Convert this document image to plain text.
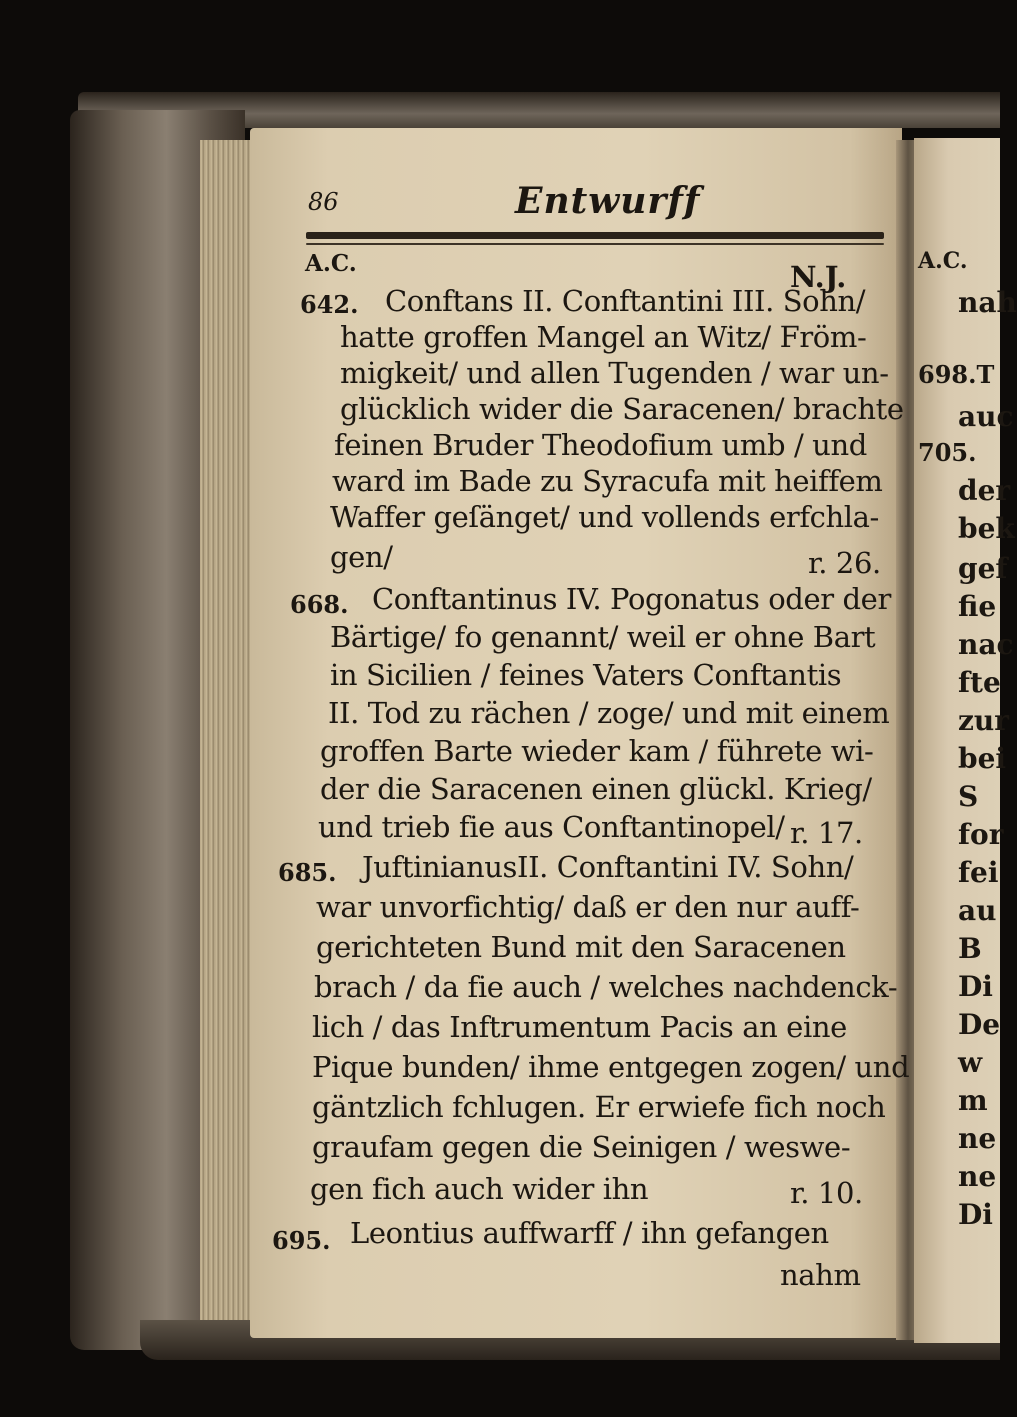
86	Entwurff
A.C.	N.J.
642. Conftans II. Conftantini III. Sohn/
hatte groffen Mangel an Witz/ Fröm-
migkeit/ und allen Tugenden / war un-
glücklich wider die Saracenen/ brachte
feinen Bruder Theodofium umb / und
ward im Bade zu Syracufa mit heiffem
Waffer geſänget/ und vollends erfchla-
gen/	r. 26.
668. Conftantinus IV. Pogonatus oder der
Bärtige/ fo genannt/ weil er ohne Bart
in Sicilien / feines Vaters Conftantis
II. Tod zu rächen / zoge/ und mit einem
groffen Barte wieder kam / führete wi-
der die Saracenen einen glückl. Krieg/
und trieb fie aus Conftantinopel/ r. 17.
685. JuftinianusII. Conftantini IV. Sohn/
war unvorfichtig/ daß er den nur auff-
gerichteten Bund mit den Saracenen
brach / da fie auch / welches nachdenck-
lich / das Inftrumentum Pacis an eine
Pique bunden/ ihme entgegen zogen/ und
gäntzlich fchlugen. Er erwiefe fich noch
graufam gegen die Seinigen / weswe-
gen fich auch wider ihn	r. 10.
695. Leontius auffwarff / ihn gefangen
nahm
A.C.
nah
698.T
auc
705.
der
bek
gef
fie
nac
fte
zur
bei
S
for
fei
au
B
Di
De
w
m
ne
ne
Di
